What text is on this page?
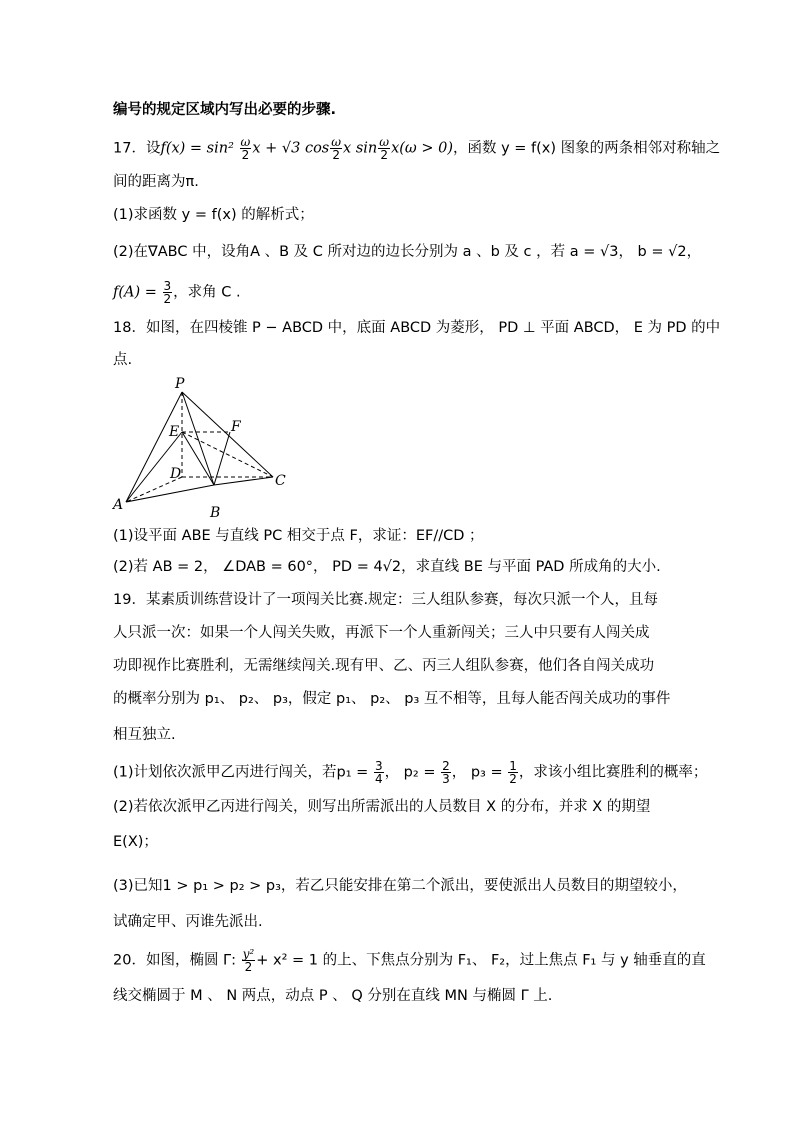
编号的规定区域内写出必要的步骤.
17．设$f(x) = \sin^2 \frac{\omega}{2}$ x + √3 $\cos \frac{\omega}{2}$ x $\sin \frac{\omega}{2} x(\omega > 0)$，函数 y = f(x) 图象的两条相邻对称轴之
间的距离为π.
(1)求函数 y = f(x) 的解析式；
(2)在∇ABC 中，设角A 、B 及 C 所对边的边长分别为 a 、b 及 c ，若 a = √3， b = √2，
$f(A) = \frac{3}{2}$ ，求角 C .
18．如图，在四棱锥 P − ABCD 中，底面 ABCD 为菱形， PD ⊥ 平面 ABCD， E 为 PD 的中
点.
P
E	F
D
A	B
C
(1)设平面 ABE 与直线 PC 相交于点 F，求证：EF//CD ；
(2)若 AB = 2， ∠DAB = 60°， PD = 4√2，求直线 BE 与平面 PAD 所成角的大小.
19．某素质训练营设计了一项闯关比赛.规定：三人组队参赛，每次只派一个人，且每
人只派一次：如果一个人闯关失败，再派下一个人重新闯关；三人中只要有人闯关成
功即视作比赛胜利，无需继续闯关.现有甲、乙、丙三人组队参赛，他们各自闯关成功
的概率分别为 p₁、 p₂、 p₃，假定 p₁、 p₂、 p₃ 互不相等，且每人能否闯关成功的事件
相互独立.
(1)计划依次派甲乙丙进行闯关，若$p_1 = \frac{3}{4}$ ， $p_2 = \frac{2}{3}$ ， $p_3 = \frac{1}{2}$ ，求该小组比赛胜利的概率；
(2)若依次派甲乙丙进行闯关，则写出所需派出的人员数目 X 的分布，并求 X 的期望
E(X)；
(3)已知1 > p₁ > p₂ > p₃，若乙只能安排在第二个派出，要使派出人员数目的期望较小，
试确定甲、丙谁先派出.
20．如图，椭圆 Γ: $\frac{\text{y²}}{2} + x^2 = 1$ 的上、下焦点分别为 F₁、 F₂，过上焦点 F₁ 与 y 轴垂直的直
线交椭圆于 M 、 N 两点，动点 P 、 Q 分别在直线 MN 与椭圆 Γ 上.
